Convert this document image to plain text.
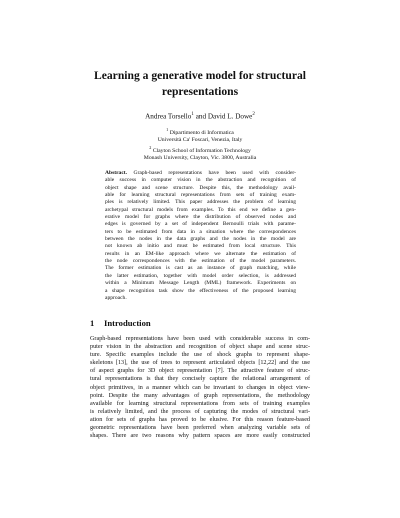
Learning a generative model for structural
representations
Andrea Torsello$^1$ and David L. Dowe$^2$
$^1$ Dipartimento di Informatica
Università Ca' Foscari, Venezia, Italy
$^2$ Clayton School of Information Technology
Monash University, Clayton, Vic. 3800, Australia
Abstract. Graph-based representations have been used with consider-
able success in computer vision in the abstraction and recognition of
object shape and scene structure. Despite this, the methodology avail-
able for learning structural representations from sets of training exam-
ples is relatively limited. This paper addresses the problem of learning
archetypal structural models from examples. To this end we define a gen-
erative model for graphs where the distribution of observed nodes and
edges is governed by a set of independent Bernoulli trials with parame-
ters to be estimated from data in a situation where the correspondences
between the nodes in the data graphs and the nodes in the model are
not known ab initio and must be estimated from local structure. This
results in an EM-like approach where we alternate the estimation of
the node correspondences with the estimation of the model parameters.
The former estimation is cast as an instance of graph matching, while
the latter estimation, together with model order selection, is addressed
within a Minimum Message Length (MML) framework. Experiments on
a shape recognition task show the effectiveness of the proposed learning
approach.
1 Introduction
Graph-based representations have been used with considerable success in com-
puter vision in the abstraction and recognition of object shape and scene struc-
ture. Specific examples include the use of shock graphs to represent shape-
skeletons [13], the use of trees to represent articulated objects [12,22] and the use
of aspect graphs for 3D object representation [7]. The attractive feature of struc-
tural representations is that they concisely capture the relational arrangement of
object primitives, in a manner which can be invariant to changes in object view-
point. Despite the many advantages of graph representations, the methodology
available for learning structural representations from sets of training examples
is relatively limited, and the process of capturing the modes of structural vari-
ation for sets of graphs has proved to be elusive. For this reason feature-based
geometric representations have been preferred when analyzing variable sets of
shapes. There are two reasons why pattern spaces are more easily constructed
